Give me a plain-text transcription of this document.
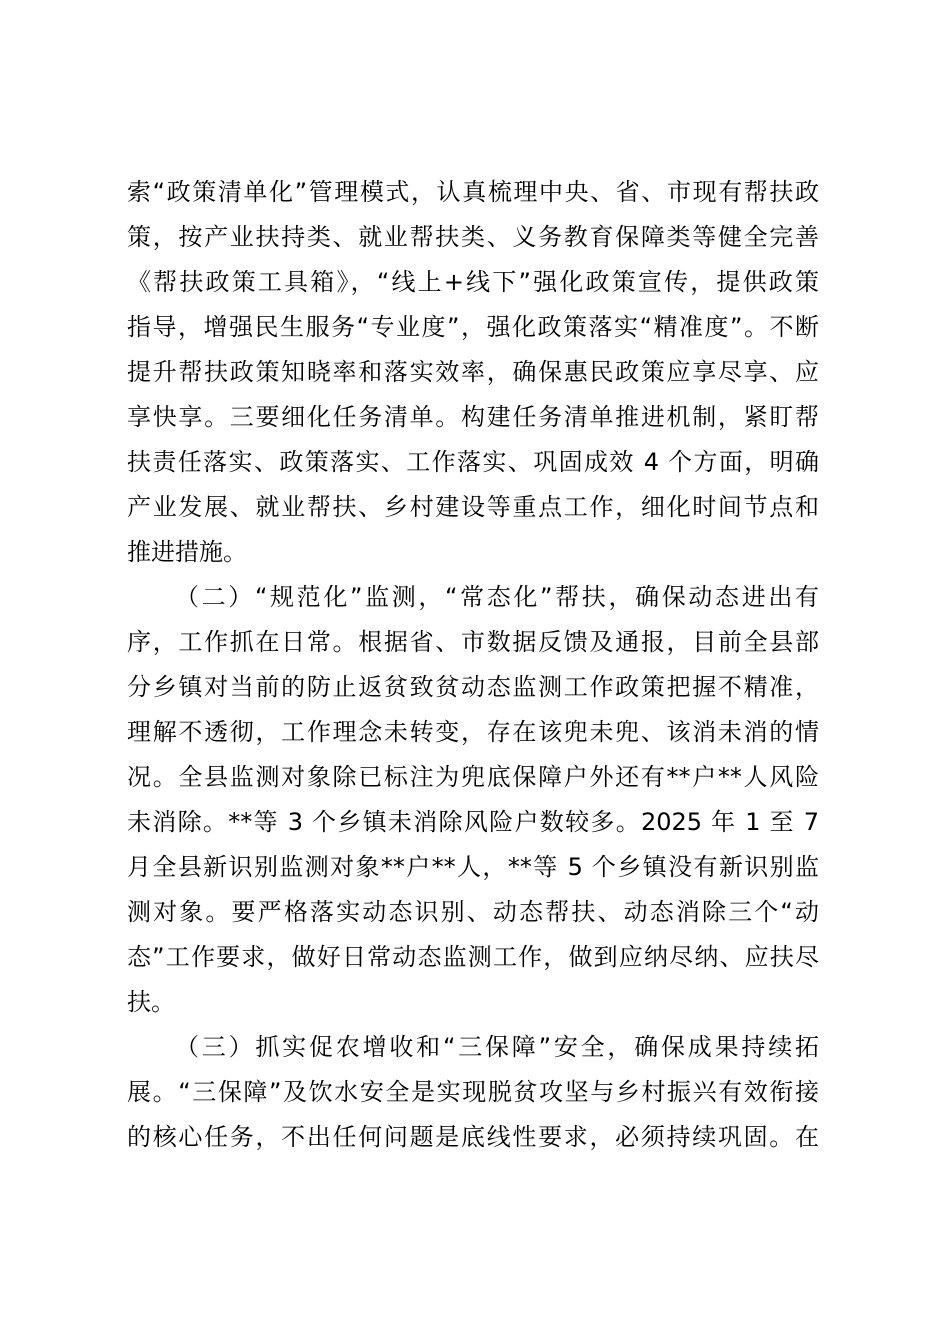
索“政策清单化”管理模式，认真梳理中央、省、市现有帮扶政
策，按产业扶持类、就业帮扶类、义务教育保障类等健全完善
《帮扶政策工具箱》，“线上+线下”强化政策宣传，提供政策
指导，增强民生服务“专业度”，强化政策落实“精准度”。不断
提升帮扶政策知晓率和落实效率，确保惠民政策应享尽享、应
享快享。三要细化任务清单。构建任务清单推进机制，紧盯帮
扶责任落实、政策落实、工作落实、巩固成效 4 个方面，明确
产业发展、就业帮扶、乡村建设等重点工作，细化时间节点和
推进措施。
（二）“规范化”监测，“常态化”帮扶，确保动态进出有
序，工作抓在日常。根据省、市数据反馈及通报，目前全县部
分乡镇对当前的防止返贫致贫动态监测工作政策把握不精准，
理解不透彻，工作理念未转变，存在该兜未兜、该消未消的情
况。全县监测对象除已标注为兜底保障户外还有**户**人风险
未消除。**等 3 个乡镇未消除风险户数较多。2025 年 1 至 7
月全县新识别监测对象**户**人，**等 5 个乡镇没有新识别监
测对象。要严格落实动态识别、动态帮扶、动态消除三个“动
态”工作要求，做好日常动态监测工作，做到应纳尽纳、应扶尽
扶。
（三）抓实促农增收和“三保障”安全，确保成果持续拓
展。“三保障”及饮水安全是实现脱贫攻坚与乡村振兴有效衔接
的核心任务，不出任何问题是底线性要求，必须持续巩固。在
